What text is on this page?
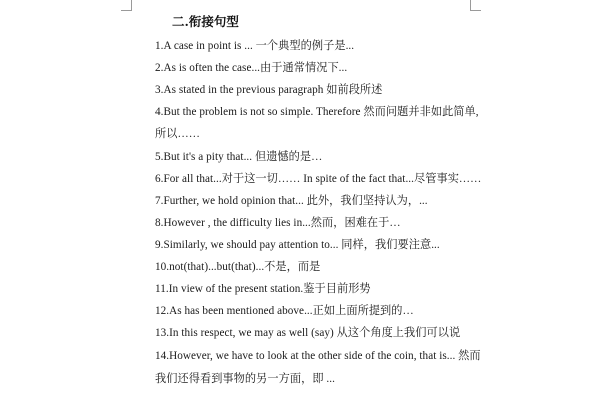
二.衔接句型

1.A case in point is ... 一个典型的例子是...

2.As is often the case...由于通常情况下...

3.As stated in the previous paragraph 如前段所述

4.But the problem is not so simple. Therefore 然而问题并非如此简单,

所以……

5.But it's a pity that... 但遗憾的是…

6.For all that...对于这一切…… In spite of the fact that...尽管事实……

7.Further, we hold opinion that... 此外，我们坚持认为，...

8.However , the difficulty lies in...然而，困难在于…

9.Similarly, we should pay attention to... 同样，我们要注意...

10.not(that)...but(that)...不是，而是

11.In view of the present station.鉴于目前形势

12.As has been mentioned above...正如上面所提到的…

13.In this respect, we may as well (say) 从这个角度上我们可以说

14.However, we have to look at the other side of the coin, that is... 然而

我们还得看到事物的另一方面，即 ...
